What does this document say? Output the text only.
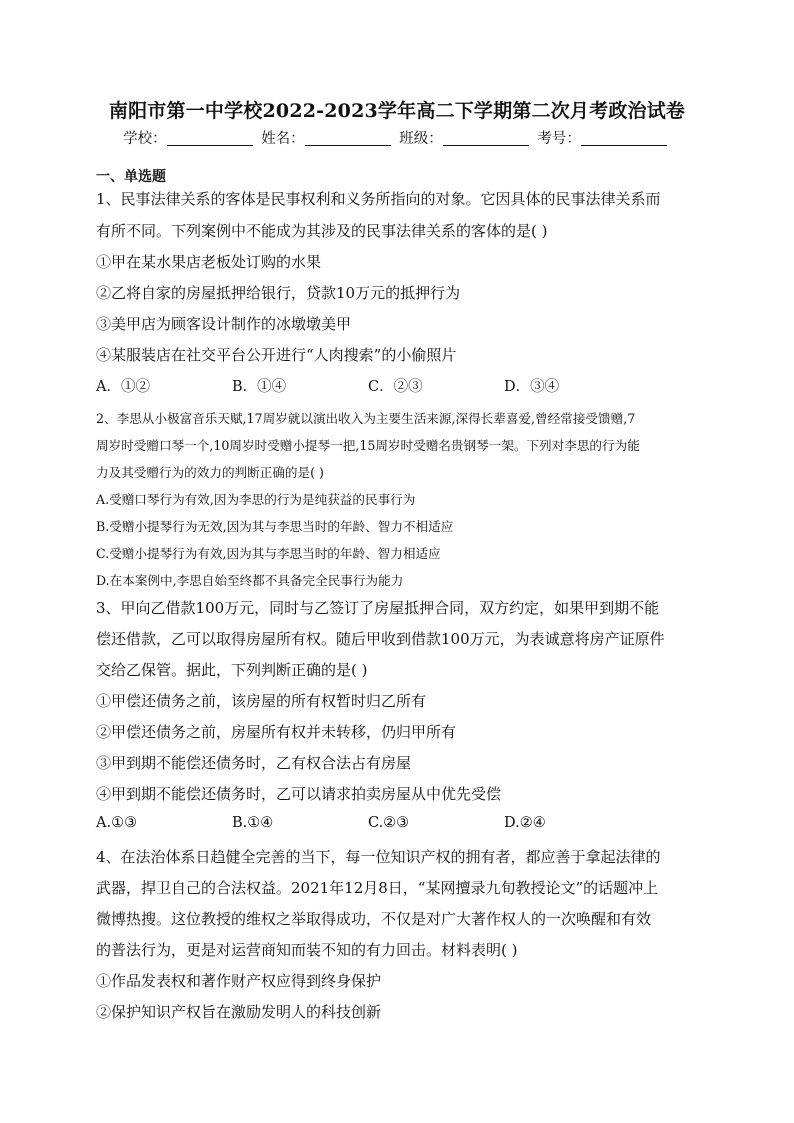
南阳市第一中学校2022-2023学年高二下学期第二次月考政治试卷
学校：	姓名：	班级：	考号：
一、单选题
1、民事法律关系的客体是民事权利和义务所指向的对象。它因具体的民事法律关系而
有所不同。下列案例中不能成为其涉及的民事法律关系的客体的是( )
①甲在某水果店老板处订购的水果
②乙将自家的房屋抵押给银行，贷款10万元的抵押行为
③美甲店为顾客设计制作的冰墩墩美甲
④某服装店在社交平台公开进行“人肉搜索”的小偷照片
A．①②	B．①④	C．②③	D．③④
2、李思从小极富音乐天赋,17周岁就以演出收入为主要生活来源,深得长辈喜爱,曾经常接受馈赠,7
周岁时受赠口琴一个,10周岁时受赠小提琴一把,15周岁时受赠名贵钢琴一架。下列对李思的行为能
力及其受赠行为的效力的判断正确的是( )
A.受赠口琴行为有效,因为李思的行为是纯获益的民事行为
B.受赠小提琴行为无效,因为其与李思当时的年龄、智力不相适应
C.受赠小提琴行为有效,因为其与李思当时的年龄、智力相适应
D.在本案例中,李思自始至终都不具备完全民事行为能力
3、甲向乙借款100万元，同时与乙签订了房屋抵押合同，双方约定，如果甲到期不能
偿还借款，乙可以取得房屋所有权。随后甲收到借款100万元，为表诚意将房产证原件
交给乙保管。据此，下列判断正确的是( )
①甲偿还债务之前，该房屋的所有权暂时归乙所有
②甲偿还债务之前，房屋所有权并未转移，仍归甲所有
③甲到期不能偿还债务时，乙有权合法占有房屋
④甲到期不能偿还债务时，乙可以请求拍卖房屋从中优先受偿
A.①③	B.①④	C.②③	D.②④
4、在法治体系日趋健全完善的当下，每一位知识产权的拥有者，都应善于拿起法律的
武器，捍卫自己的合法权益。2021年12月8日，“某网擅录九旬教授论文”的话题冲上
微博热搜。这位教授的维权之举取得成功，不仅是对广大著作权人的一次唤醒和有效
的普法行为，更是对运营商知而装不知的有力回击。材料表明( )
①作品发表权和著作财产权应得到终身保护
②保护知识产权旨在激励发明人的科技创新
